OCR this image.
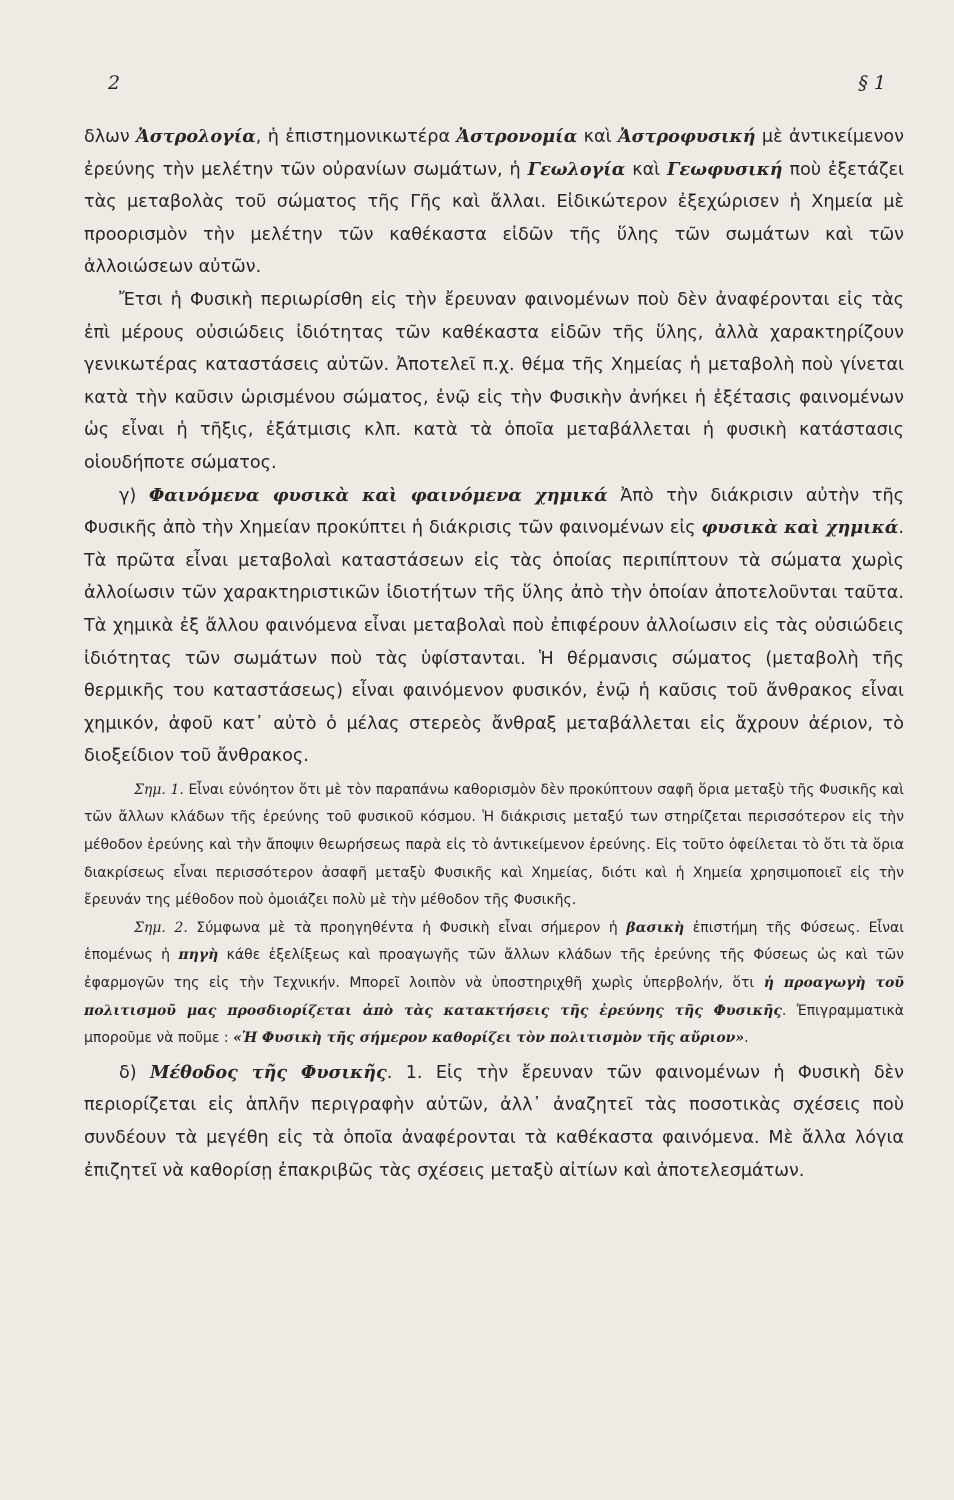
2	§ 1

δλων Ἀστρολογία, ἡ ἐπιστημονικωτέρα Ἀστρονομία καὶ Ἀστροφυσική μὲ ἀντικείμενον ἐρεύνης τὴν μελέτην τῶν οὐρανίων σωμάτων, ἡ Γεωλογία καὶ Γεωφυσική ποὺ ἐξετάζει τὰς μεταβολὰς τοῦ σώματος τῆς Γῆς καὶ ἄλλαι. Εἰδικώτερον ἐξεχώρισεν ἡ Χημεία μὲ προορισμὸν τὴν μελέτην τῶν καθέκαστα εἰδῶν τῆς ὕλης τῶν σωμάτων καὶ τῶν ἀλλοιώσεων αὐτῶν.

Ἔτσι ἡ Φυσικὴ περιωρίσθη εἰς τὴν ἔρευναν φαινομένων ποὺ δὲν ἀναφέρονται εἰς τὰς ἐπὶ μέρους οὐσιώδεις ἰδιότητας τῶν καθέκαστα εἰδῶν τῆς ὕλης, ἀλλὰ χαρακτηρίζουν γενικωτέρας καταστάσεις αὐτῶν. Ἀποτελεῖ π.χ. θέμα τῆς Χημείας ἡ μεταβολὴ ποὺ γίνεται κατὰ τὴν καῦσιν ὡρισμένου σώματος, ἐνῷ εἰς τὴν Φυσικὴν ἀνήκει ἡ ἐξέτασις φαινομένων ὡς εἶναι ἡ τῆξις, ἐξάτμισις κλπ. κατὰ τὰ ὁποῖα μεταβάλλεται ἡ φυσικὴ κατάστασις οἱουδήποτε σώματος.

γ) Φαινόμενα φυσικὰ καὶ φαινόμενα χημικά Ἀπὸ τὴν διάκρισιν αὐτὴν τῆς Φυσικῆς ἀπὸ τὴν Χημείαν προκύπτει ἡ διάκρισις τῶν φαινομένων εἰς φυσικὰ καὶ χημικά. Τὰ πρῶτα εἶναι μεταβολαὶ καταστάσεων εἰς τὰς ὁποίας περιπίπτουν τὰ σώματα χωρὶς ἀλλοίωσιν τῶν χαρακτηριστικῶν ἰδιοτήτων τῆς ὕλης ἀπὸ τὴν ὁποίαν ἀποτελοῦνται ταῦτα. Τὰ χημικὰ ἐξ ἄλλου φαινόμενα εἶναι μεταβολαὶ ποὺ ἐπιφέρουν ἀλλοίωσιν εἰς τὰς οὐσιώδεις ἰδιότητας τῶν σωμάτων ποὺ τὰς ὑφίστανται. Ἡ θέρμανσις σώματος (μεταβολὴ τῆς θερμικῆς του καταστάσεως) εἶναι φαινόμενον φυσικόν, ἐνῷ ἡ καῦσις τοῦ ἄνθρακος εἶναι χημικόν, ἀφοῦ κατ᾽ αὐτὸ ὁ μέλας στερεὸς ἄνθραξ μεταβάλλεται εἰς ἄχρουν ἀέριον, τὸ διοξείδιον τοῦ ἄνθρακος.

Σημ. 1. Εἶναι εὐνόητον ὅτι μὲ τὸν παραπάνω καθορισμὸν δὲν προκύπτουν σαφῆ ὅρια μεταξὺ τῆς Φυσικῆς καὶ τῶν ἄλλων κλάδων τῆς ἐρεύνης τοῦ φυσικοῦ κόσμου. Ἡ διάκρισις μεταξύ των στηρίζεται περισσότερον εἰς τὴν μέθοδον ἐρεύνης καὶ τὴν ἄποψιν θεωρήσεως παρὰ εἰς τὸ ἀντικείμενον ἐρεύνης. Εἰς τοῦτο ὀφείλεται τὸ ὅτι τὰ ὅρια διακρίσεως εἶναι περισσότερον ἀσαφῆ μεταξὺ Φυσικῆς καὶ Χημείας, διότι καὶ ἡ Χημεία χρησιμοποιεῖ εἰς τὴν ἔρευνάν της μέθοδον ποὺ ὁμοιάζει πολὺ μὲ τὴν μέθοδον τῆς Φυσικῆς.

Σημ. 2. Σύμφωνα μὲ τὰ προηγηθέντα ἡ Φυσικὴ εἶναι σήμερον ἡ βασικὴ ἐπιστήμη τῆς Φύσεως. Εἶναι ἑπομένως ἡ πηγὴ κάθε ἐξελίξεως καὶ προαγωγῆς τῶν ἄλλων κλάδων τῆς ἐρεύνης τῆς Φύσεως ὡς καὶ τῶν ἐφαρμογῶν της εἰς τὴν Τεχνικήν. Μπορεῖ λοιπὸν νὰ ὑποστηριχθῆ χωρὶς ὑπερβολήν, ὅτι ἡ προαγωγὴ τοῦ πολιτισμοῦ μας προσδιορίζεται ἀπὸ τὰς κατακτήσεις τῆς ἐρεύνης τῆς Φυσικῆς. Ἐπιγραμματικὰ μποροῦμε νὰ ποῦμε : «Ἡ Φυσικὴ τῆς σήμερον καθορίζει τὸν πολιτισμὸν τῆς αὔριον».

δ) Μέθοδος τῆς Φυσικῆς. 1. Εἰς τὴν ἔρευναν τῶν φαινομένων ἡ Φυσικὴ δὲν περιορίζεται εἰς ἁπλῆν περιγραφὴν αὐτῶν, ἀλλ᾽ ἀναζητεῖ τὰς ποσοτικὰς σχέσεις ποὺ συνδέουν τὰ μεγέθη εἰς τὰ ὁποῖα ἀναφέρονται τὰ καθέκαστα φαινόμενα. Μὲ ἄλλα λόγια ἐπιζητεῖ νὰ καθορίσῃ ἐπακριβῶς τὰς σχέσεις μεταξὺ αἰτίων καὶ ἀποτελεσμάτων.
